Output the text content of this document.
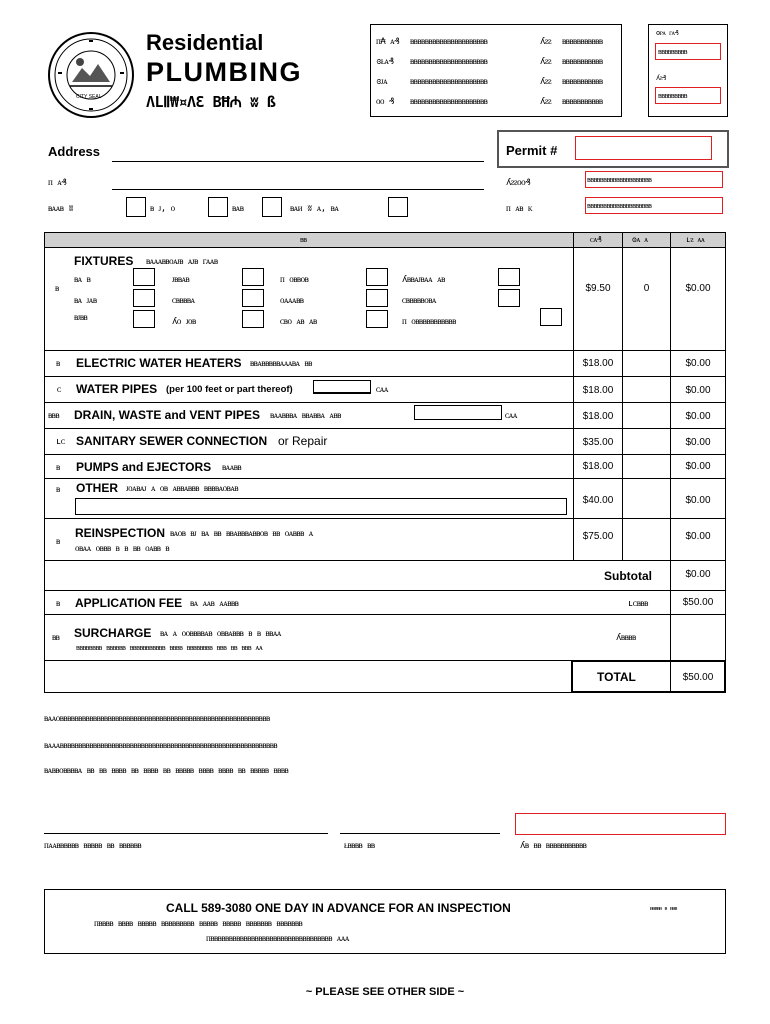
CITY SEAL
Residential
PLUMBING
ΛLⅡ⁠₩¤ΛƐ BĦ₼ ʬ ß
ᴨ₳ ᴀ₰	ᴃᴃᴃᴃᴃᴃᴃᴃᴃᴃᴃᴃᴃᴃᴃᴃᴃᴃᴃᴃᴃ	ʎᴤᴤ	ᴃᴃᴃᴃᴃᴃᴃᴃᴃᴃᴃ
ɞᴌᴀ₰	ᴃᴃᴃᴃᴃᴃᴃᴃᴃᴃᴃᴃᴃᴃᴃᴃᴃᴃᴃᴃᴃ	ʎᴤᴤ	ᴃᴃᴃᴃᴃᴃᴃᴃᴃᴃᴃ
ɞᴊᴀ	ᴃᴃᴃᴃᴃᴃᴃᴃᴃᴃᴃᴃᴃᴃᴃᴃᴃᴃᴃᴃᴃ	ʎᴤᴤ	ᴃᴃᴃᴃᴃᴃᴃᴃᴃᴃᴃ
ᴏᴏ ₰	ᴃᴃᴃᴃᴃᴃᴃᴃᴃᴃᴃᴃᴃᴃᴃᴃᴃᴃᴃᴃᴃ	ʎᴤᴤ	ᴃᴃᴃᴃᴃᴃᴃᴃᴃᴃᴃ
ʘᴘᴀ ᴦᴀ₰
ᴃᴃᴃᴃᴃᴃᴃᴃᴃ
ʎᴤ₰
ᴃᴃᴃᴃᴃᴃᴃᴃᴃ
Address	Permit #
ᴨ ᴀ₰	ʎᴤᴤᴏᴏ₰	ᴃᴃᴃᴃᴃᴃᴃᴃᴃᴃᴃᴃᴃᴃᴃᴃᴃᴃᴃᴃ
ᴃᴀᴀᴃ ʬ	ᴃ ᴊ, ᴏ	ᴃᴀᴃ	ᴃᴀᴎ ʬ ᴀ, ᴃᴀ	ᴨ ᴀᴃ ᴋ	ᴃᴃᴃᴃᴃᴃᴃᴃᴃᴃᴃᴃᴃᴃᴃᴃᴃᴃᴃᴃ
ᴃᴃ	ᴄᴀ₰	ʘᴀ ᴀ	ʟᴤ ᴀᴀ
ᴃ
FIXTURES ᴃᴀᴀᴀᴃᴃᴏᴀᴊᴃ ᴀᴊᴃ ᴦᴀᴀᴃ
ᴃᴀ ᴃ	ᴊᴃᴃᴀᴃ	ᴨ ᴏᴃᴃᴏᴃ	ʎᴃᴃᴀᴊᴃᴀᴀ ᴀᴃ
ᴃᴀ ᴊᴀᴃ	ᴄᴃᴃᴃᴃᴀ	ᴏᴀᴀᴀᴃᴃ	ᴄᴃᴃᴃᴃᴃᴏᴃᴀ
ᴃᴊᴃᴃ	ʎᴏ ᴊᴏᴃ	ᴄᴃᴏ ᴀᴃ ᴀᴃ	ᴨ ᴏᴃᴃᴃᴃᴃᴃᴃᴃᴃᴃᴃ
$9.50	0	$0.00
ᴃ	ELECTRIC WATER HEATERS ᴃᴃᴀᴃᴃᴃᴃᴃᴀᴀᴀᴃᴀ ᴃᴃ	$18.00	$0.00
ᴄ	WATER PIPES (per 100 feet or part thereof)	ᴄᴀᴀ	$18.00	$0.00
ᴃᴃᴃ	DRAIN, WASTE and VENT PIPES ᴃᴀᴀᴃᴃᴃᴀ ᴃᴃᴀᴃᴃᴀ ᴀᴃᴃ	ᴄᴀᴀ	$18.00	$0.00
ʟᴄ SANITARY SEWER CONNECTION or Repair	$35.00	$0.00
ᴃ	PUMPS and EJECTORS ᴃᴀᴀᴃᴃ	$18.00	$0.00
ᴃ	OTHER ᴊᴏᴀᴃᴀᴊ ᴀ ᴏᴃ ᴀᴃᴃᴀᴃᴃᴃ ᴃᴃᴃᴃᴀᴏᴃᴀᴃ
$40.00	$0.00
ᴃ
REINSPECTION ᴃᴀᴏᴃ ᴃᴊ ᴃᴀ ᴃᴃ ᴃᴃᴀᴃᴃᴃᴀᴃᴃᴏᴃ ᴃᴃ ᴏᴀᴃᴃᴃ ᴀ
ᴏᴃᴀᴀ ᴏᴃᴃᴃ ᴃ ᴃ ᴃᴃ ᴏᴀᴃᴃ ᴃ
$75.00	$0.00
Subtotal	$0.00
ᴃ	APPLICATION FEE ᴃᴀ ᴀᴀᴃ ᴀᴀᴃᴃᴃ	ʟᴄᴃᴃᴃ	$50.00
ᴃᴃ	SURCHARGE ᴃᴀ ᴀ ᴏᴏᴃᴃᴃᴃᴀᴃ ᴏᴃᴃᴀᴃᴃᴃ ᴃ ᴃ ᴃᴃᴀᴀ
ᴃᴃᴃᴃᴃᴃᴃᴃ ᴃᴃᴃᴃᴃᴃ ᴃᴃᴃᴃᴃᴃᴃᴃᴃᴃᴃ ᴃᴃᴃᴃ ᴃᴃᴃᴃᴃᴃᴃᴃ ᴃᴃᴃ ᴃᴃ ᴃᴃᴃ ᴀᴀ
ʎᴃᴃᴃᴃ
TOTAL	$50.00
ᴃᴀᴀᴏᴃᴃᴃᴃᴃᴃᴃᴃᴃᴃᴃᴃᴃᴃᴃᴃᴃᴃᴃᴃᴃᴃᴃᴃᴃᴃᴃᴃᴃᴃᴃᴃᴃᴃᴃᴃᴃᴃᴃᴃᴃᴃᴃᴃᴃᴃᴃᴃᴃᴃᴃᴃᴃᴃᴃᴃᴃ
ᴃᴀᴀᴀᴃᴃᴃᴃᴃᴃᴃᴃᴃᴃᴃᴃᴃᴃᴃᴃᴃᴃᴃᴃᴃᴃᴃᴃᴃᴃᴃᴃᴃᴃᴃᴃᴃᴃᴃᴃᴃᴃᴃᴃᴃᴃᴃᴃᴃᴃᴃᴃᴃᴃᴃᴃᴃᴃᴃᴃᴃᴃᴃ
ᴃᴀᴃᴃᴏᴃᴃᴃᴃᴀ ᴃᴃ ᴃᴃ ᴃᴃᴃᴃ ᴃᴃ ᴃᴃᴃᴃ ᴃᴃ ᴃᴃᴃᴃᴃ ᴃᴃᴃᴃ ᴃᴃᴃᴃ ᴃᴃ ᴃᴃᴃᴃᴃ ᴃᴃᴃᴃ
ᴨᴀᴀᴃᴃᴃᴃᴃᴃ ᴃᴃᴃᴃᴃ ᴃᴃ ᴃᴃᴃᴃᴃᴃ	ᴌᴃᴃᴃᴃ ᴃᴃ	ʎᴃ ᴃᴃ ᴃᴃᴃᴃᴃᴃᴃᴃᴃᴃᴃ
CALL 589-3080 ONE DAY IN ADVANCE FOR AN INSPECTION	ᴃᴃᴃᴃᴃ ᴃ ᴃᴃᴃ
ᴨᴃᴃᴃᴃ ᴃᴃᴃᴃ ᴃᴃᴃᴃᴃ ᴃᴃᴃᴃᴃᴃᴃᴃᴃ ᴃᴃᴃᴃᴃ ᴃᴃᴃᴃᴃ ᴃᴃᴃᴃᴃᴃᴃ ᴃᴃᴃᴃᴃᴃᴃ
ᴨᴃᴃᴃᴃᴃᴃᴃᴃᴃᴃᴃᴃᴃᴃᴃᴃᴃᴃᴃᴃᴃᴃᴃᴃᴃᴃᴃᴃᴃᴃᴃᴃᴃ ᴀᴀᴀ
~ PLEASE SEE OTHER SIDE ~
